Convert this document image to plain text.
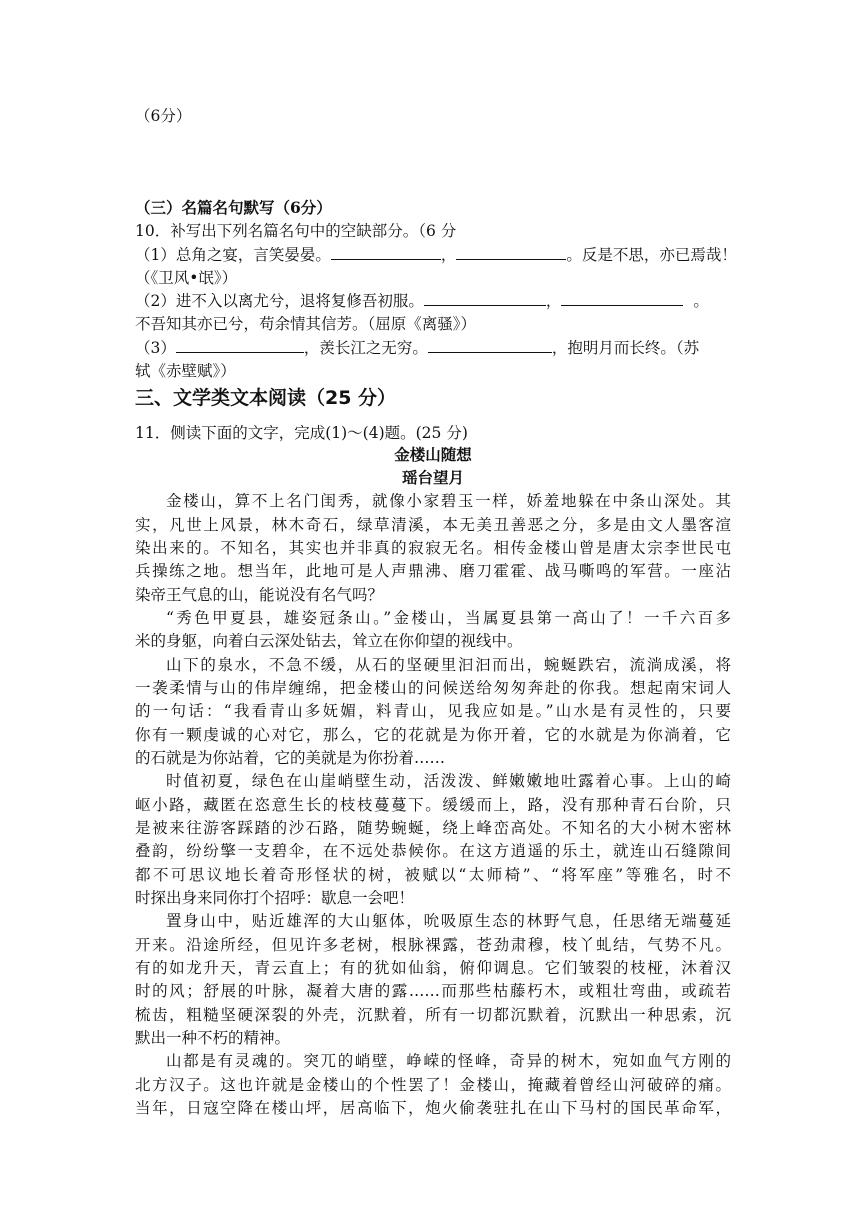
（6分）
（三）名篇名句默写（6分）
10．补写出下列名篇名句中的空缺部分。（6 分
（1）总角之宴，言笑晏晏。	，	。反是不思，亦已焉哉！
（《卫风•氓》）
（2）进不入以离尤兮，退将复修吾初服。	，	。
不吾知其亦已兮，苟余情其信芳。（屈原《离骚》）
（3）	，羡长江之无穷。	，抱明月而长终。（苏
轼《赤壁赋》）
三、文学类文本阅读（25 分）
11．侧读下面的文字，完成(1)～(4)题。(25 分)
金楼山随想
瑶台望月
金楼山，算不上名门闺秀，就像小家碧玉一样，娇羞地躲在中条山深处。其
实，凡世上风景，林木奇石，绿草清溪，本无美丑善恶之分，多是由文人墨客渲
染出来的。不知名，其实也并非真的寂寂无名。相传金楼山曾是唐太宗李世民屯
兵操练之地。想当年，此地可是人声鼎沸、磨刀霍霍、战马嘶鸣的军营。一座沾
染帝王气息的山，能说没有名气吗？
“秀色甲夏县，雄姿冠条山。”金楼山，当属夏县第一高山了！一千六百多
米的身躯，向着白云深处钻去，耸立在你仰望的视线中。
山下的泉水，不急不缓，从石的坚硬里汩汩而出，蜿蜒跌宕，流淌成溪，将
一袭柔情与山的伟岸缠绵，把金楼山的问候送给匆匆奔赴的你我。想起南宋词人
的一句话：“我看青山多妩媚，料青山，见我应如是。”山水是有灵性的，只要
你有一颗虔诚的心对它，那么，它的花就是为你开着，它的水就是为你淌着，它
的石就是为你站着，它的美就是为你扮着……
时值初夏，绿色在山崖峭壁生动，活泼泼、鲜嫩嫩地吐露着心事。上山的崎
岖小路，藏匿在恣意生长的枝枝蔓蔓下。缓缓而上，路，没有那种青石台阶，只
是被来往游客踩踏的沙石路，随势蜿蜒，绕上峰峦高处。不知名的大小树木密林
叠韵，纷纷擎一支碧伞，在不远处恭候你。在这方逍遥的乐土，就连山石缝隙间
都不可思议地长着奇形怪状的树，被赋以“太师椅”、“将军座”等雅名，时不
时探出身来同你打个招呼：歇息一会吧！
置身山中，贴近雄浑的大山躯体，吮吸原生态的林野气息，任思绪无端蔓延
开来。沿途所经，但见许多老树，根脉裸露，苍劲肃穆，枝丫虬结，气势不凡。
有的如龙升天，青云直上；有的犹如仙翁，俯仰调息。它们皱裂的枝桠，沐着汉
时的风；舒展的叶脉，凝着大唐的露……而那些枯藤朽木，或粗壮弯曲，或疏若
梳齿，粗糙坚硬深裂的外壳，沉默着，所有一切都沉默着，沉默出一种思索，沉
默出一种不朽的精神。
山都是有灵魂的。突兀的峭壁，峥嵘的怪峰，奇异的树木，宛如血气方刚的
北方汉子。这也许就是金楼山的个性罢了！金楼山，掩藏着曾经山河破碎的痛。
当年，日寇空降在楼山坪，居高临下，炮火偷袭驻扎在山下马村的国民革命军，
